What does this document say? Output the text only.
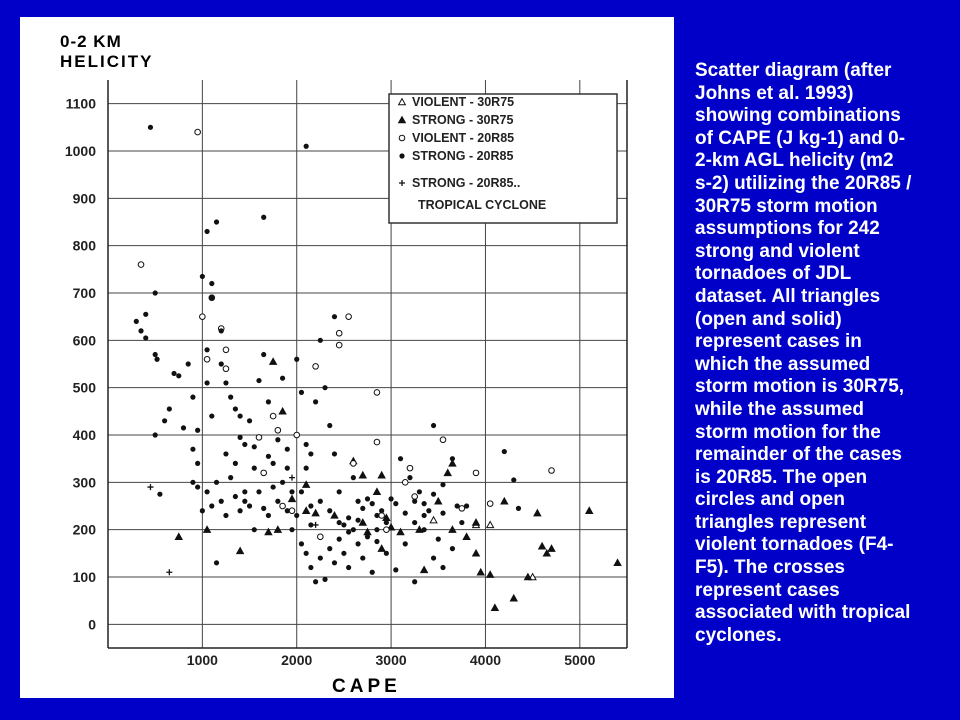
0
100
200
300
400
500
600
700
800
900
1000
1100
1000	2000	3000	4000	5000
0-2 KM
HELICITY
CAPE
VIOLENT - 30R75
STRONG - 30R75
VIOLENT - 20R85
STRONG - 20R85
STRONG - 20R85..
TROPICAL CYCLONE
Scatter diagram (after
Johns et al. 1993)
showing combinations
of CAPE (J kg-1) and 0-
2-km AGL helicity (m2
s-2) utilizing the 20R85 /
30R75 storm motion
assumptions for 242
strong and violent
tornadoes of JDL
dataset. All triangles
(open and solid)
represent cases in
which the assumed
storm motion is 30R75,
while the assumed
storm motion for the
remainder of the cases
is 20R85. The open
circles and open
triangles represent
violent tornadoes (F4-
F5). The crosses
represent cases
associated with tropical
cyclones.
